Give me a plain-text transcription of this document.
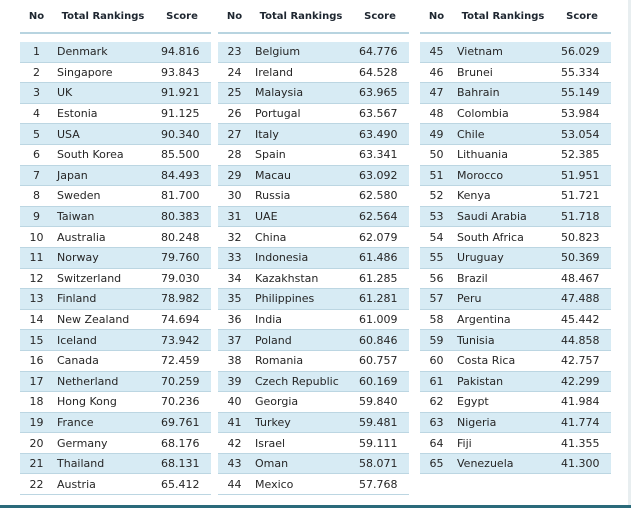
No	Total Rankings	Score
1	Denmark	94.816
2	Singapore	93.843
3	UK	91.921
4	Estonia	91.125
5	USA	90.340
6	South Korea	85.500
7	Japan	84.493
8	Sweden	81.700
9	Taiwan	80.383
10	Australia	80.248
11	Norway	79.760
12	Switzerland	79.030
13	Finland	78.982
14	New Zealand	74.694
15	Iceland	73.942
16	Canada	72.459
17	Netherland	70.259
18	Hong Kong	70.236
19	France	69.761
20	Germany	68.176
21	Thailand	68.131
22	Austria	65.412
No	Total Rankings	Score
23	Belgium	64.776
24	Ireland	64.528
25	Malaysia	63.965
26	Portugal	63.567
27	Italy	63.490
28	Spain	63.341
29	Macau	63.092
30	Russia	62.580
31	UAE	62.564
32	China	62.079
33	Indonesia	61.486
34	Kazakhstan	61.285
35	Philippines	61.281
36	India	61.009
37	Poland	60.846
38	Romania	60.757
39	Czech Republic	60.169
40	Georgia	59.840
41	Turkey	59.481
42	Israel	59.111
43	Oman	58.071
44	Mexico	57.768
No	Total Rankings	Score
45	Vietnam	56.029
46	Brunei	55.334
47	Bahrain	55.149
48	Colombia	53.984
49	Chile	53.054
50	Lithuania	52.385
51	Morocco	51.951
52	Kenya	51.721
53	Saudi Arabia	51.718
54	South Africa	50.823
55	Uruguay	50.369
56	Brazil	48.467
57	Peru	47.488
58	Argentina	45.442
59	Tunisia	44.858
60	Costa Rica	42.757
61	Pakistan	42.299
62	Egypt	41.984
63	Nigeria	41.774
64	Fiji	41.355
65	Venezuela	41.300
